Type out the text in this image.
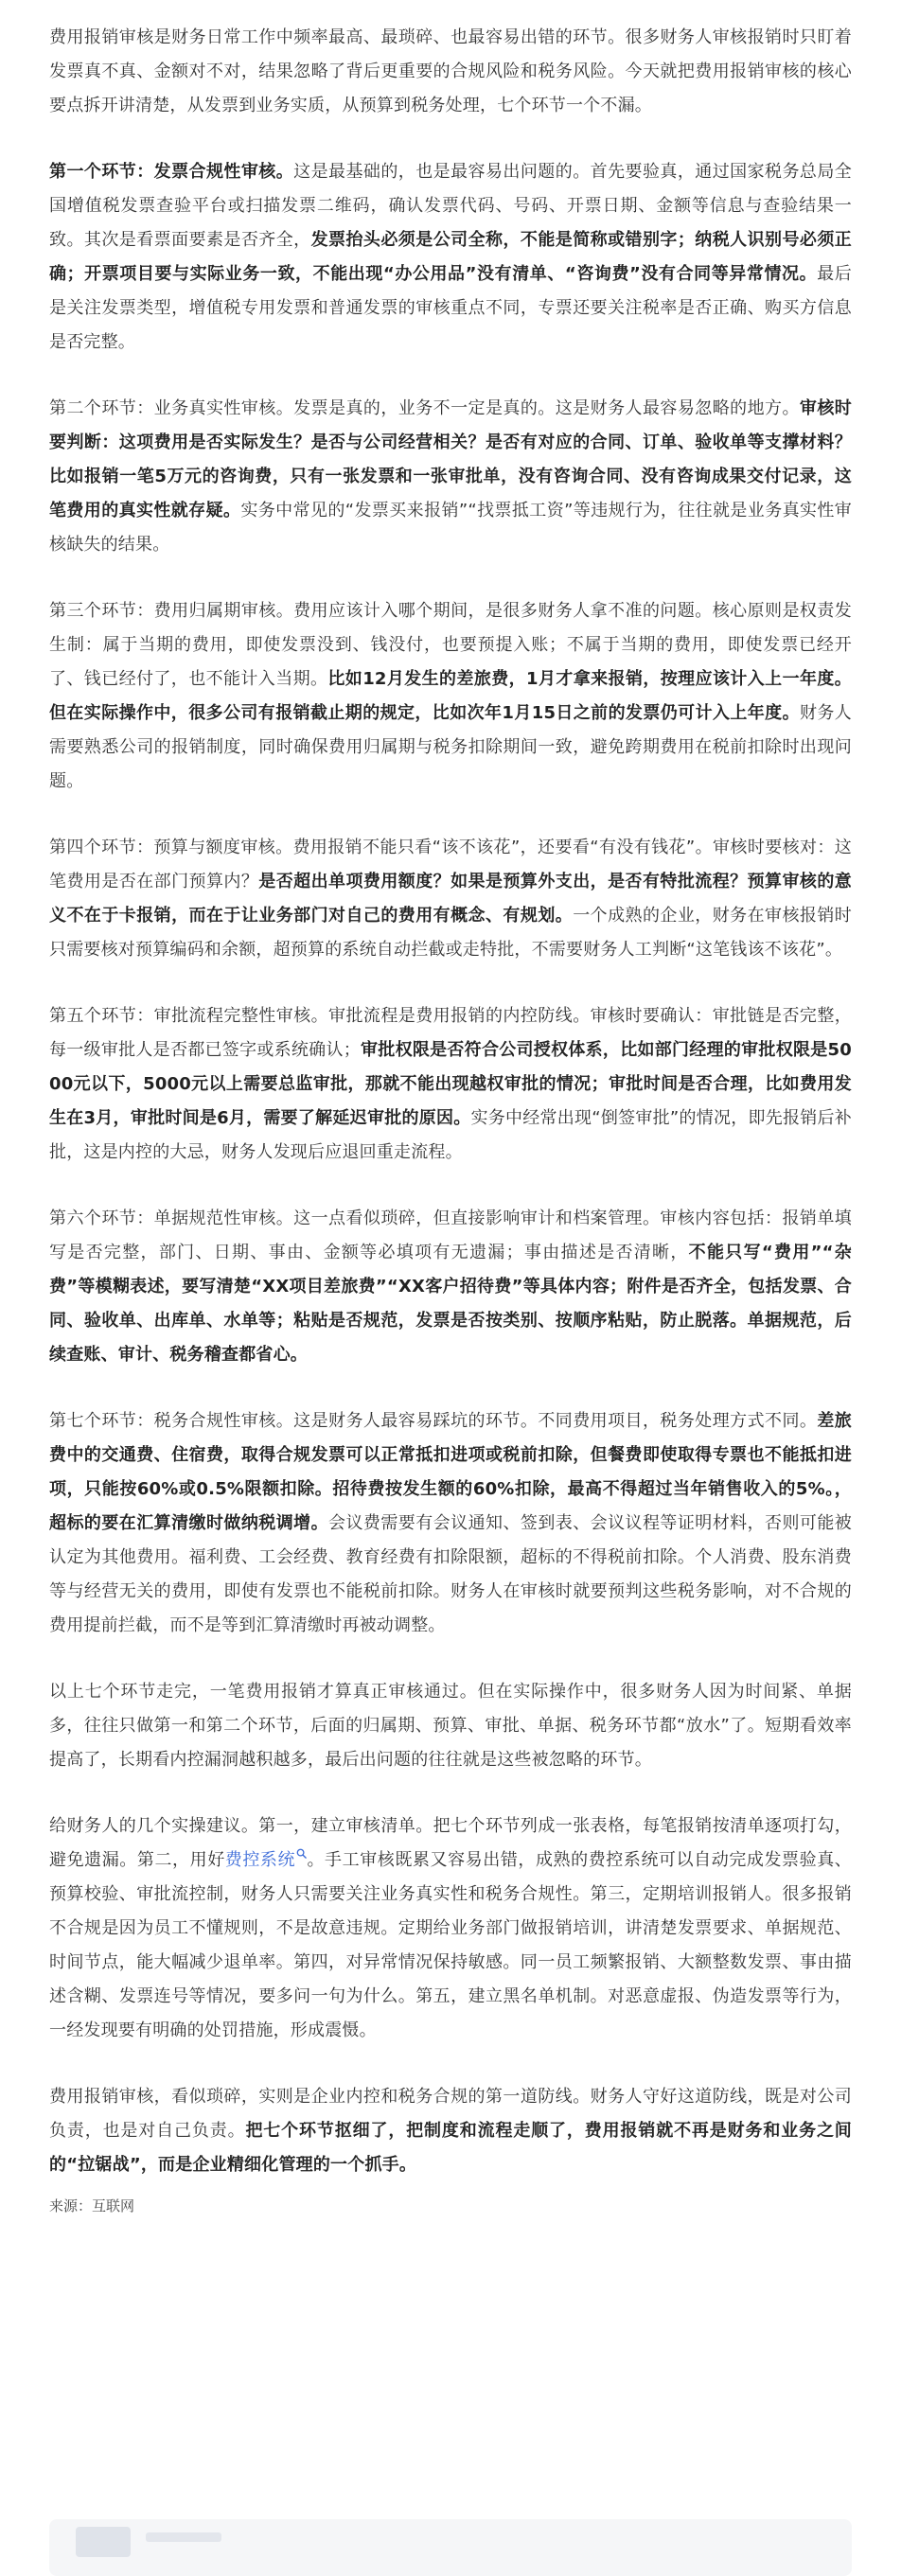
费用报销审核是财务日常工作中频率最高、最琐碎、也最容易出错的环节。很多财务人审核报销时只盯着发票真不真、金额对不对，结果忽略了背后更重要的合规风险和税务风险。今天就把费用报销审核的核心要点拆开讲清楚，从发票到业务实质，从预算到税务处理，七个环节一个不漏。

第一个环节：发票合规性审核。这是最基础的，也是最容易出问题的。首先要验真，通过国家税务总局全国增值税发票查验平台或扫描发票二维码，确认发票代码、号码、开票日期、金额等信息与查验结果一致。其次是看票面要素是否齐全，发票抬头必须是公司全称，不能是简称或错别字；纳税人识别号必须正确；开票项目要与实际业务一致，不能出现“办公用品”没有清单、“咨询费”没有合同等异常情况。最后是关注发票类型，增值税专用发票和普通发票的审核重点不同，专票还要关注税率是否正确、购买方信息是否完整。

第二个环节：业务真实性审核。发票是真的，业务不一定是真的。这是财务人最容易忽略的地方。审核时要判断：这项费用是否实际发生？是否与公司经营相关？是否有对应的合同、订单、验收单等支撑材料？比如报销一笔5万元的咨询费，只有一张发票和一张审批单，没有咨询合同、没有咨询成果交付记录，这笔费用的真实性就存疑。实务中常见的“发票买来报销”“找票抵工资”等违规行为，往往就是业务真实性审核缺失的结果。

第三个环节：费用归属期审核。费用应该计入哪个期间，是很多财务人拿不准的问题。核心原则是权责发生制：属于当期的费用，即使发票没到、钱没付，也要预提入账；不属于当期的费用，即使发票已经开了、钱已经付了，也不能计入当期。比如12月发生的差旅费，1月才拿来报销，按理应该计入上一年度。但在实际操作中，很多公司有报销截止期的规定，比如次年1月15日之前的发票仍可计入上年度。财务人需要熟悉公司的报销制度，同时确保费用归属期与税务扣除期间一致，避免跨期费用在税前扣除时出现问题。

第四个环节：预算与额度审核。费用报销不能只看“该不该花”，还要看“有没有钱花”。审核时要核对：这笔费用是否在部门预算内？是否超出单项费用额度？如果是预算外支出，是否有特批流程？预算审核的意义不在于卡报销，而在于让业务部门对自己的费用有概念、有规划。一个成熟的企业，财务在审核报销时只需要核对预算编码和余额，超预算的系统自动拦截或走特批，不需要财务人工判断“这笔钱该不该花”。

第五个环节：审批流程完整性审核。审批流程是费用报销的内控防线。审核时要确认：审批链是否完整，每一级审批人是否都已签字或系统确认；审批权限是否符合公司授权体系，比如部门经理的审批权限是5000元以下，5000元以上需要总监审批，那就不能出现越权审批的情况；审批时间是否合理，比如费用发生在3月，审批时间是6月，需要了解延迟审批的原因。实务中经常出现“倒签审批”的情况，即先报销后补批，这是内控的大忌，财务人发现后应退回重走流程。

第六个环节：单据规范性审核。这一点看似琐碎，但直接影响审计和档案管理。审核内容包括：报销单填写是否完整，部门、日期、事由、金额等必填项有无遗漏；事由描述是否清晰，不能只写“费用”“杂费”等模糊表述，要写清楚“XX项目差旅费”“XX客户招待费”等具体内容；附件是否齐全，包括发票、合同、验收单、出库单、水单等；粘贴是否规范，发票是否按类别、按顺序粘贴，防止脱落。单据规范，后续查账、审计、税务稽查都省心。

第七个环节：税务合规性审核。这是财务人最容易踩坑的环节。不同费用项目，税务处理方式不同。差旅费中的交通费、住宿费，取得合规发票可以正常抵扣进项或税前扣除，但餐费即使取得专票也不能抵扣进项，只能按60%或0.5%限额扣除。招待费按发生额的60%扣除，最高不得超过当年销售收入的5%。，超标的要在汇算清缴时做纳税调增。会议费需要有会议通知、签到表、会议议程等证明材料，否则可能被认定为其他费用。福利费、工会经费、教育经费有扣除限额，超标的不得税前扣除。个人消费、股东消费等与经营无关的费用，即使有发票也不能税前扣除。财务人在审核时就要预判这些税务影响，对不合规的费用提前拦截，而不是等到汇算清缴时再被动调整。

以上七个环节走完，一笔费用报销才算真正审核通过。但在实际操作中，很多财务人因为时间紧、单据多，往往只做第一和第二个环节，后面的归属期、预算、审批、单据、税务环节都“放水”了。短期看效率提高了，长期看内控漏洞越积越多，最后出问题的往往就是这些被忽略的环节。

给财务人的几个实操建议。第一，建立审核清单。把七个环节列成一张表格，每笔报销按清单逐项打勾，避免遗漏。第二，用好费控系统 。手工审核既累又容易出错，成熟的费控系统可以自动完成发票验真、预算校验、审批流控制，财务人只需要关注业务真实性和税务合规性。第三，定期培训报销人。很多报销不合规是因为员工不懂规则，不是故意违规。定期给业务部门做报销培训，讲清楚发票要求、单据规范、时间节点，能大幅减少退单率。第四，对异常情况保持敏感。同一员工频繁报销、大额整数发票、事由描述含糊、发票连号等情况，要多问一句为什么。第五，建立黑名单机制。对恶意虚报、伪造发票等行为，一经发现要有明确的处罚措施，形成震慑。

费用报销审核，看似琐碎，实则是企业内控和税务合规的第一道防线。财务人守好这道防线，既是对公司负责，也是对自己负责。把七个环节抠细了，把制度和流程走顺了，费用报销就不再是财务和业务之间的“拉锯战”，而是企业精细化管理的一个抓手。

来源：互联网
